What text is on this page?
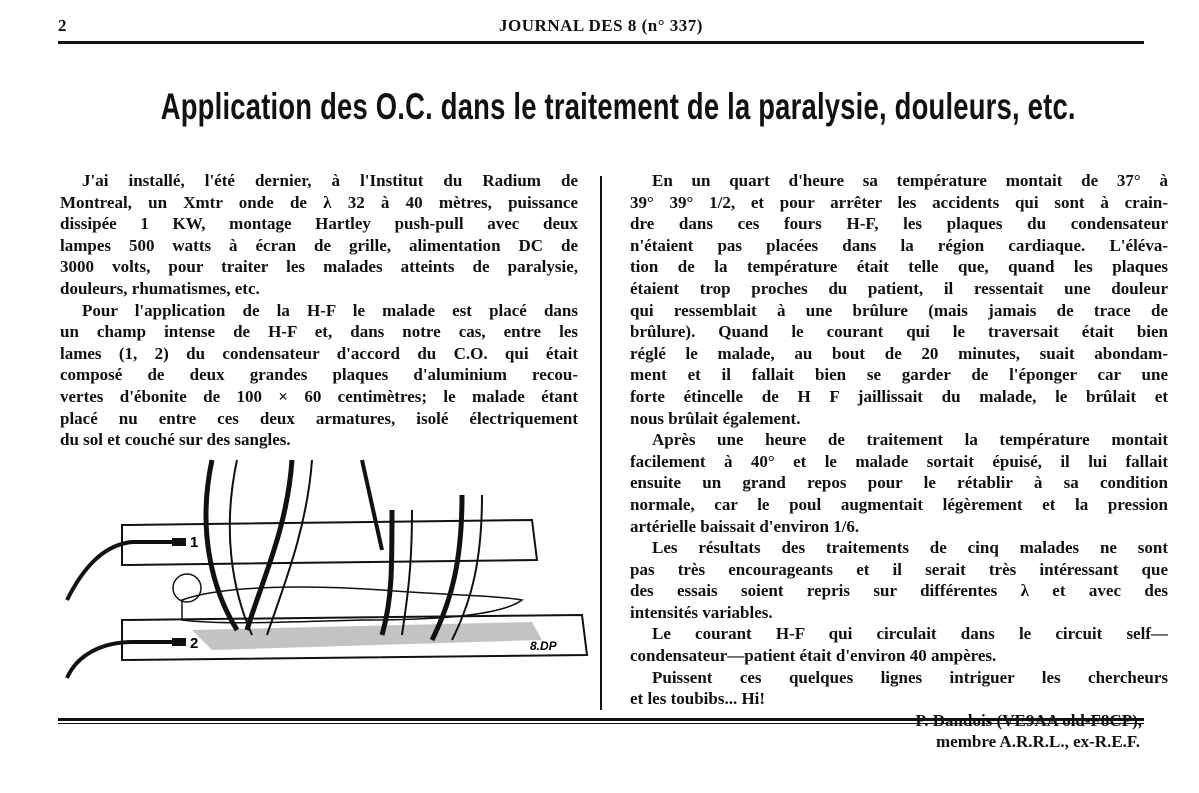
2	JOURNAL DES 8 (n° 337)
Application des O.C. dans le traitement de la paralysie, douleurs, etc.
J'ai installé, l'été dernier, à l'Institut du Radium de
Montreal, un Xmtr onde de λ 32 à 40 mètres, puissance
dissipée 1 KW, montage Hartley push-pull avec deux
lampes 500 watts à écran de grille, alimentation DC de
3000 volts, pour traiter les malades atteints de paralysie,
douleurs, rhumatismes, etc.
Pour l'application de la H-F le malade est placé dans
un champ intense de H-F et, dans notre cas, entre les
lames (1, 2) du condensateur d'accord du C.O. qui était
composé de deux grandes plaques d'aluminium recou-
vertes d'ébonite de 100 × 60 centimètres; le malade étant
placé nu entre ces deux armatures, isolé électriquement
du sol et couché sur des sangles.
En un quart d'heure sa température montait de 37° à
39° 39° 1/2, et pour arrêter les accidents qui sont à crain-
dre dans ces fours H-F, les plaques du condensateur
n'étaient pas placées dans la région cardiaque. L'éléva-
tion de la température était telle que, quand les plaques
étaient trop proches du patient, il ressentait une douleur
qui ressemblait à une brûlure (mais jamais de trace de
brûlure). Quand le courant qui le traversait était bien
réglé le malade, au bout de 20 minutes, suait abondam-
ment et il fallait bien se garder de l'éponger car une
forte étincelle de H F jaillissait du malade, le brûlait et
nous brûlait également.
Après une heure de traitement la température montait
facilement à 40° et le malade sortait épuisé, il lui fallait
ensuite un grand repos pour le rétablir à sa condition
normale, car le poul augmentait légèrement et la pression
artérielle baissait d'environ 1/6.
Les résultats des traitements de cinq malades ne sont
pas très encourageants et il serait très intéressant que
des essais soient repris sur différentes λ et avec des
intensités variables.
Le courant H-F qui circulait dans le circuit self—
condensateur—patient était d'environ 40 ampères.
Puissent ces quelques lignes intriguer les chercheurs
et les toubibs... Hi!
membre A.R.R.L., ex-R.E.F.
1
2	8.DP
